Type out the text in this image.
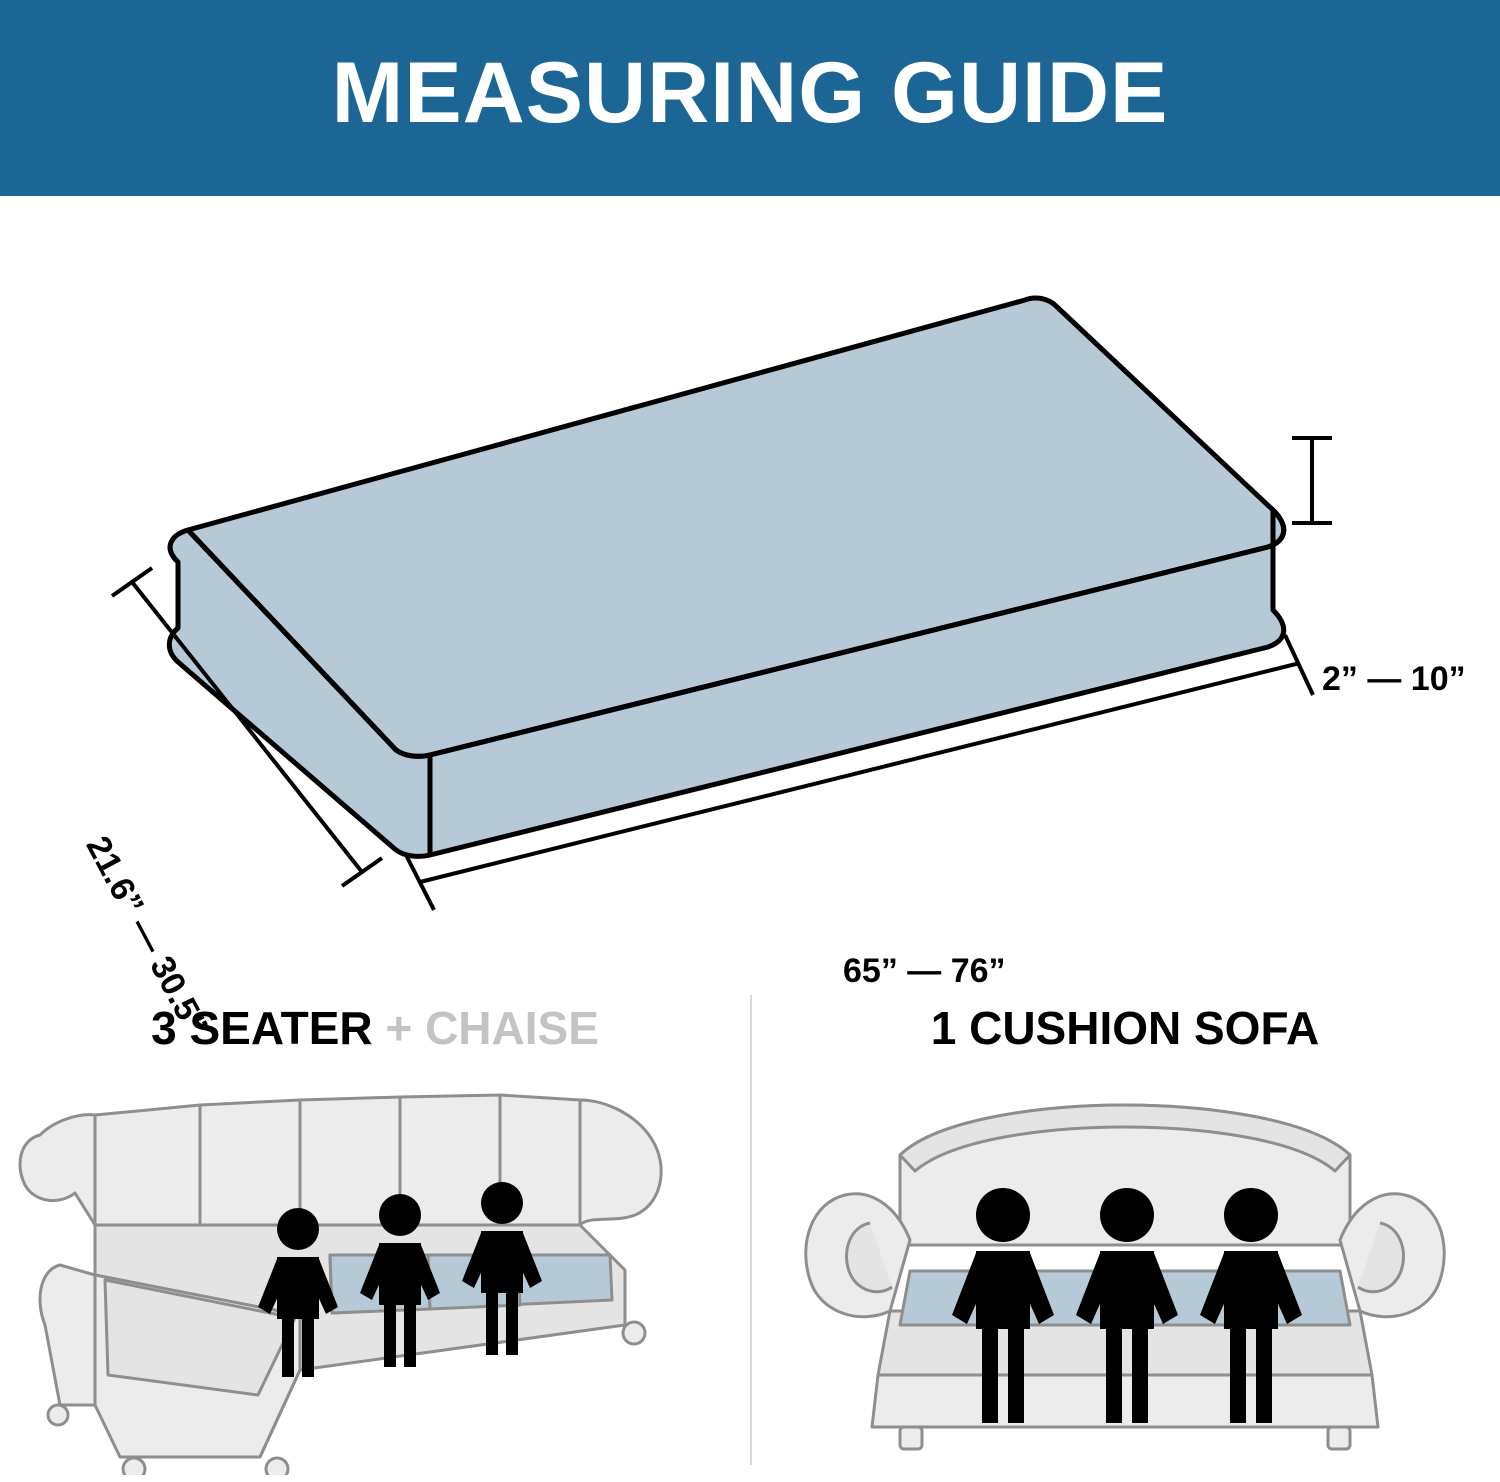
MEASURING GUIDE
2” — 10”
65” — 76”
21.6” — 30.5”
3 SEATER + CHAISE	1 CUSHION SOFA
